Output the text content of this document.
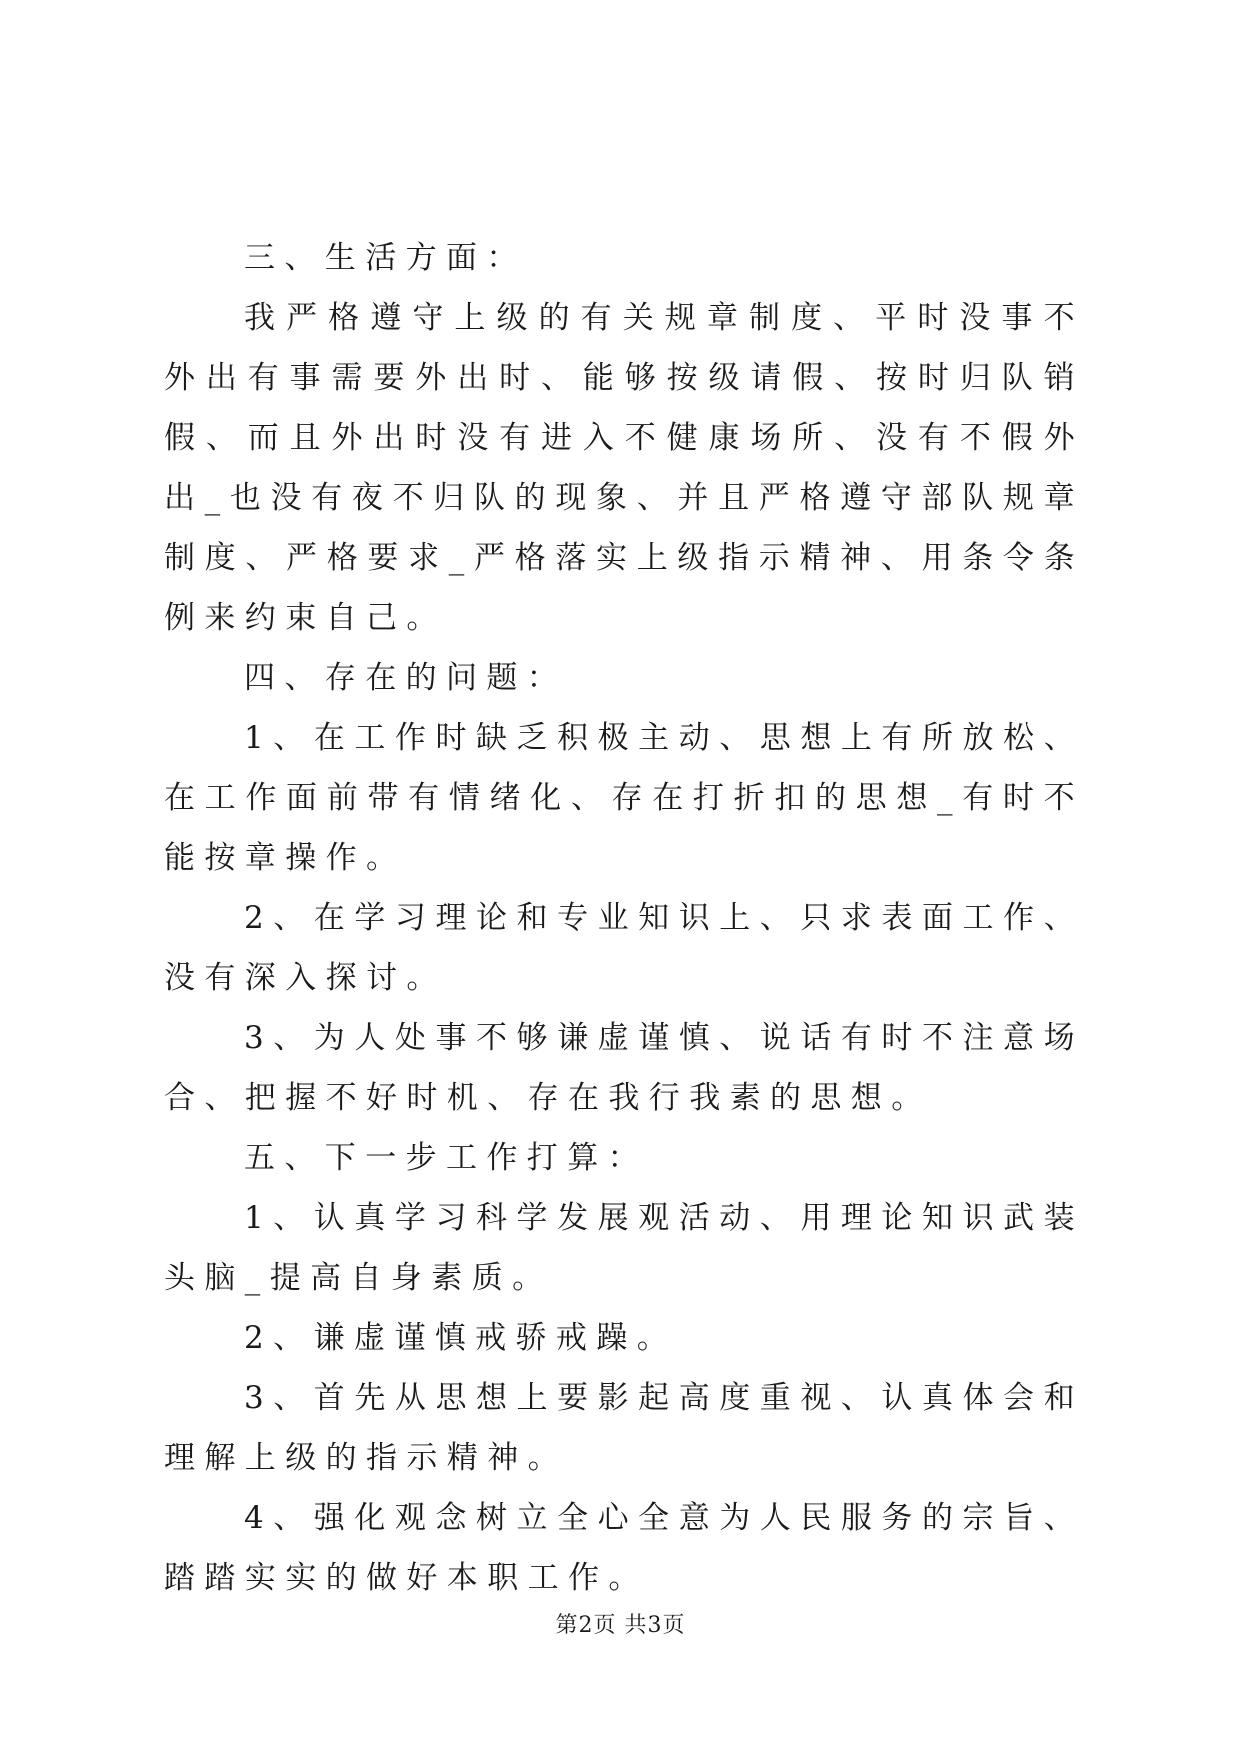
三、生活方面：

我严格遵守上级的有关规章制度、平时没事不外出有事需要外出时、能够按级请假、按时归队销假、而且外出时没有进入不健康场所、没有不假外出_也没有夜不归队的现象、并且严格遵守部队规章制度、严格要求_严格落实上级指示精神、用条令条例来约束自己。

四、存在的问题：

1、在工作时缺乏积极主动、思想上有所放松、在工作面前带有情绪化、存在打折扣的思想_有时不能按章操作。

2、在学习理论和专业知识上、只求表面工作、没有深入探讨。

3、为人处事不够谦虚谨慎、说话有时不注意场合、把握不好时机、存在我行我素的思想。

五、下一步工作打算：

1、认真学习科学发展观活动、用理论知识武装头脑_提高自身素质。

2、谦虚谨慎戒骄戒躁。

3、首先从思想上要影起高度重视、认真体会和理解上级的指示精神。

4、强化观念树立全心全意为人民服务的宗旨、踏踏实实的做好本职工作。

第2页 共3页
